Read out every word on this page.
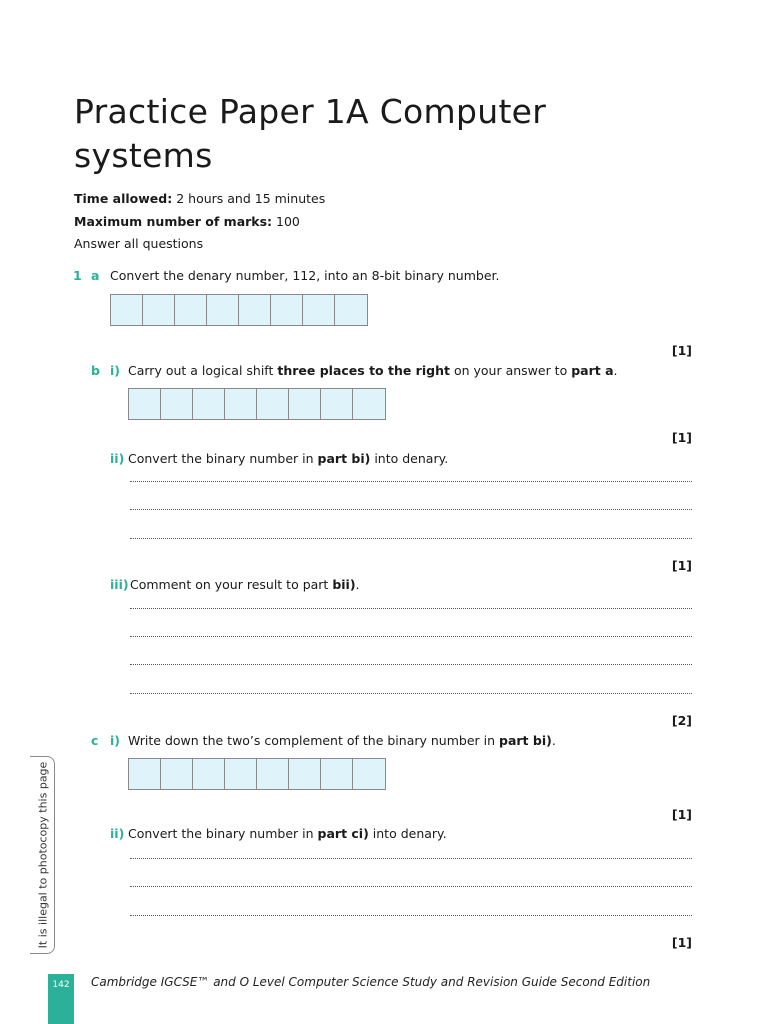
Practice Paper 1A Computer systems
Time allowed: 2 hours and 15 minutes
Maximum number of marks: 100
Answer all questions
1 a Convert the denary number, 112, into an 8-bit binary number.
[1]
b i) Carry out a logical shift three places to the right on your answer to part a.
[1]
ii) Convert the binary number in part bi) into denary.
[1]
iii) Comment on your result to part bii).
[2]
c i) Write down the two’s complement of the binary number in part bi).
[1]
ii) Convert the binary number in part ci) into denary.
[1]
It is illegal to photocopy this page
142	Cambridge IGCSE™ and O Level Computer Science Study and Revision Guide Second Edition
